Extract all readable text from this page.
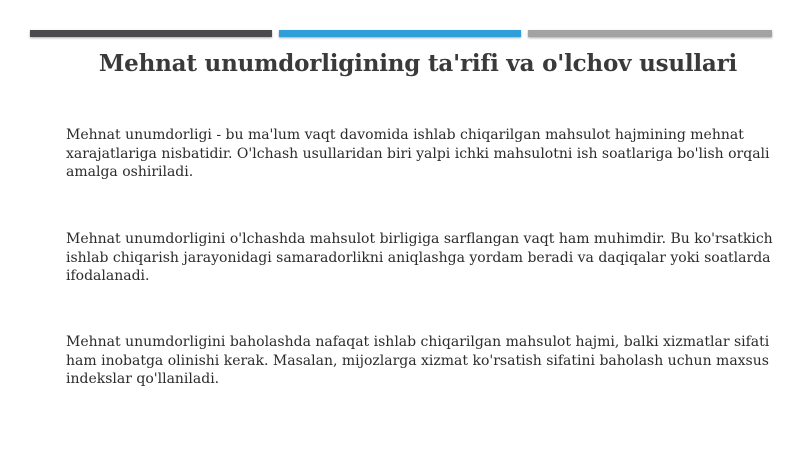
Mehnat unumdorligining ta'rifi va o'lchov usullari
Mehnat unumdorligi - bu ma'lum vaqt davomida ishlab chiqarilgan mahsulot hajmining mehnat xarajatlariga nisbatidir. O'lchash usullaridan biri yalpi ichki mahsulotni ish soatlariga bo'lish orqali amalga oshiriladi.
Mehnat unumdorligini o'lchashda mahsulot birligiga sarflangan vaqt ham muhimdir. Bu ko'rsatkich ishlab chiqarish jarayonidagi samaradorlikni aniqlashga yordam beradi va daqiqalar yoki soatlarda ifodalanadi.
Mehnat unumdorligini baholashda nafaqat ishlab chiqarilgan mahsulot hajmi, balki xizmatlar sifati ham inobatga olinishi kerak. Masalan, mijozlarga xizmat ko'rsatish sifatini baholash uchun maxsus indekslar qo'llaniladi.
